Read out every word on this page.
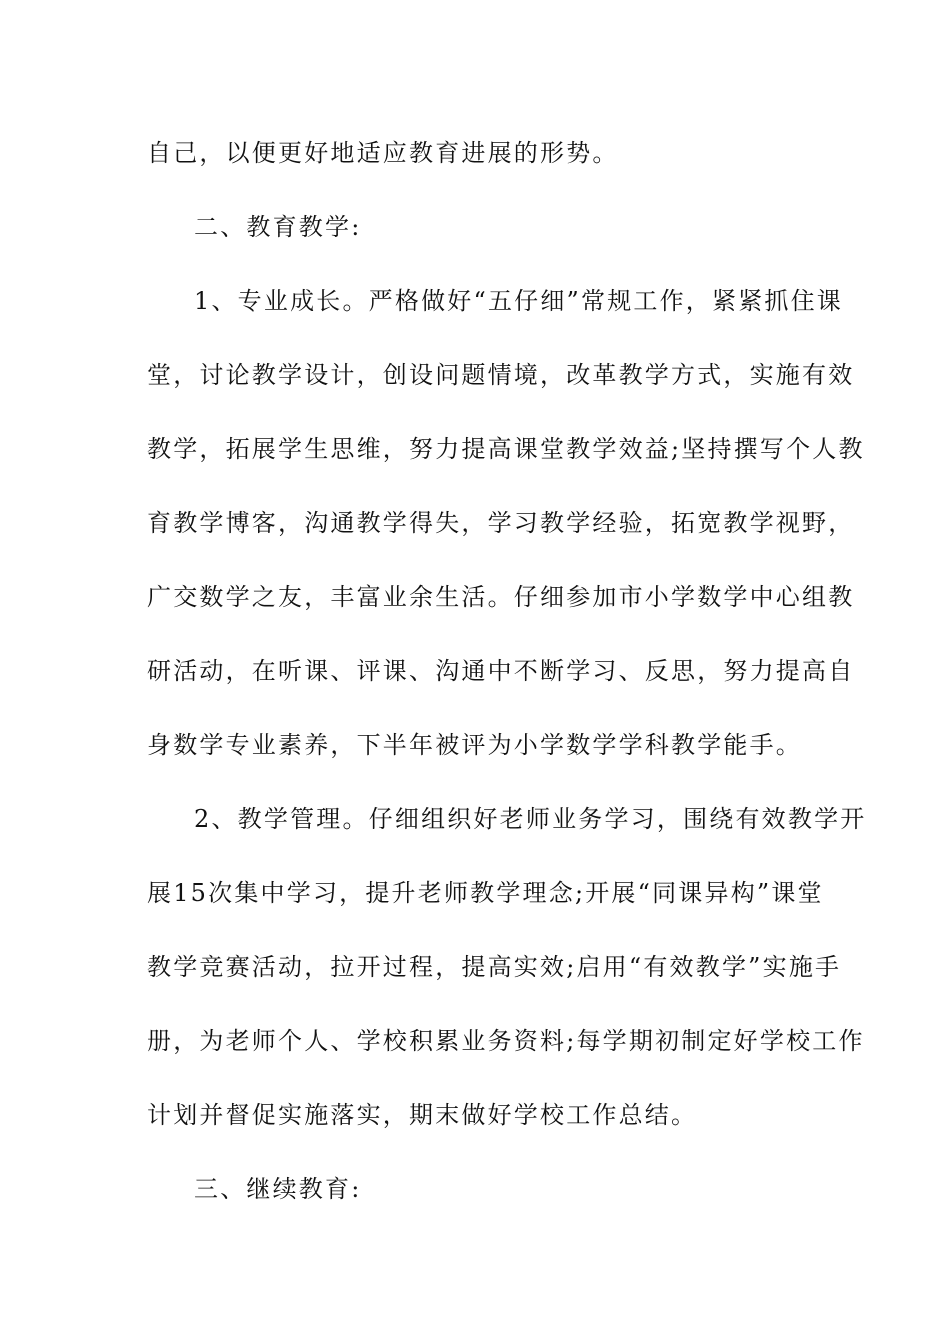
自己，以便更好地适应教育进展的形势。
二、教育教学:
1、专业成长。严格做好“五仔细”常规工作，紧紧抓住课
堂，讨论教学设计，创设问题情境，改革教学方式，实施有效
教学，拓展学生思维，努力提高课堂教学效益;坚持撰写个人教
育教学博客，沟通教学得失，学习教学经验，拓宽教学视野，
广交数学之友，丰富业余生活。仔细参加市小学数学中心组教
研活动，在听课、评课、沟通中不断学习、反思，努力提高自
身数学专业素养，下半年被评为小学数学学科教学能手。
2、教学管理。仔细组织好老师业务学习，围绕有效教学开
展15次集中学习，提升老师教学理念;开展“同课异构”课堂
教学竞赛活动，拉开过程，提高实效;启用“有效教学”实施手
册，为老师个人、学校积累业务资料;每学期初制定好学校工作
计划并督促实施落实，期末做好学校工作总结。
三、继续教育:
